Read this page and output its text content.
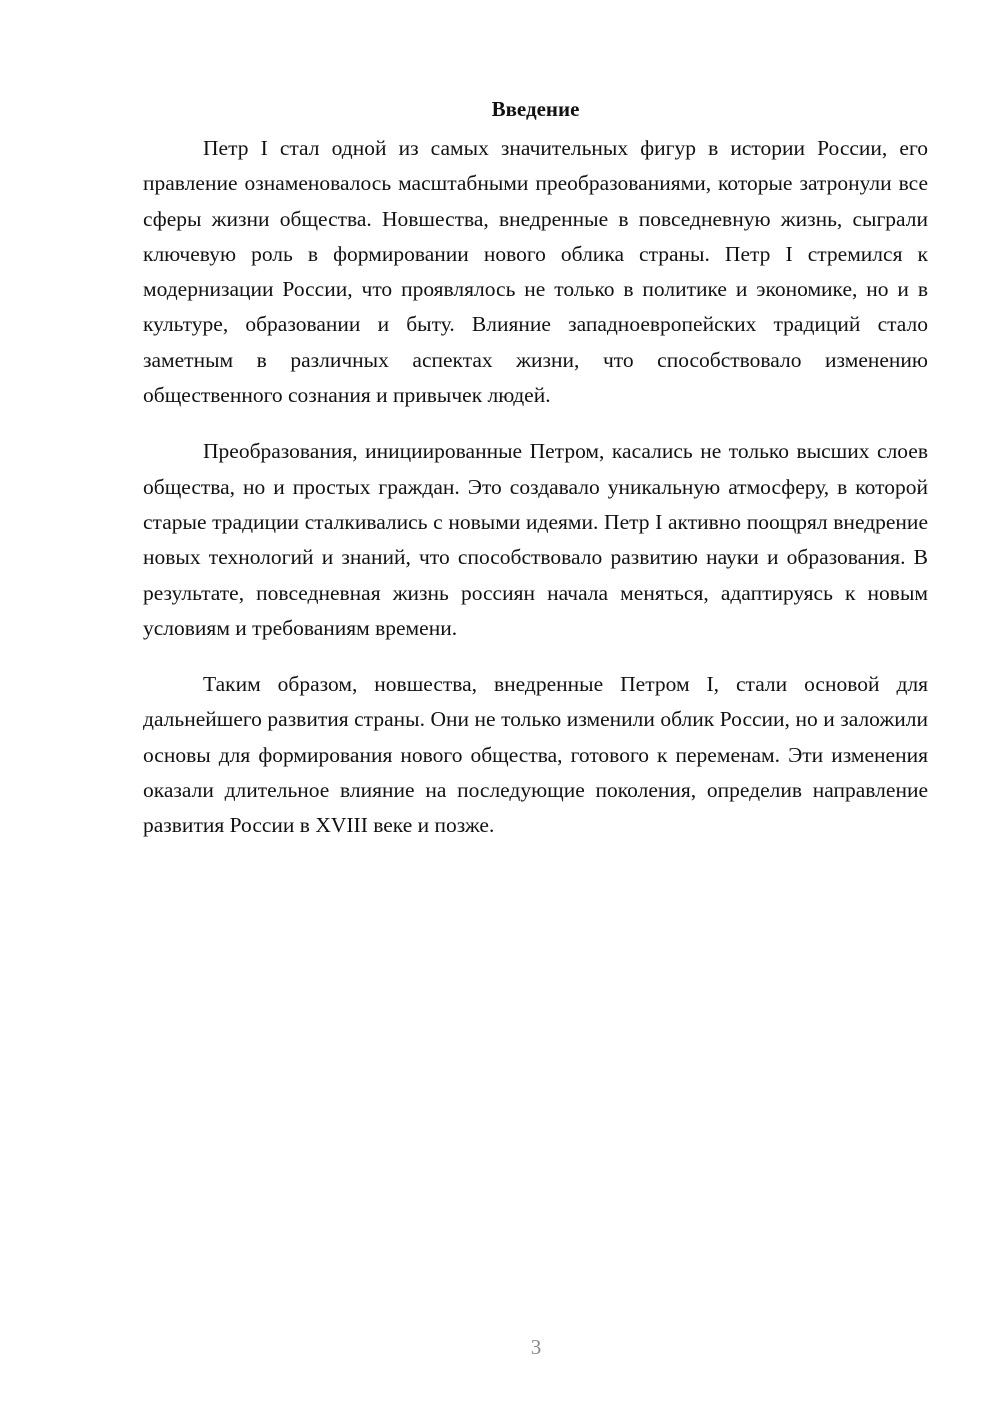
Введение

Петр I стал одной из самых значительных фигур в истории России, его правление ознаменовалось масштабными преобразованиями, которые затронули все сферы жизни общества. Новшества, внедренные в повседневную жизнь, сыграли ключевую роль в формировании нового облика страны. Петр I стремился к модернизации России, что проявлялось не только в политике и экономике, но и в культуре, образовании и быту. Влияние западноевропейских традиций стало заметным в различных аспектах жизни, что способствовало изменению общественного сознания и привычек людей.

Преобразования, инициированные Петром, касались не только высших слоев общества, но и простых граждан. Это создавало уникальную атмосферу, в которой старые традиции сталкивались с новыми идеями. Петр I активно поощрял внедрение новых технологий и знаний, что способствовало развитию науки и образования. В результате, повседневная жизнь россиян начала меняться, адаптируясь к новым условиям и требованиям времени.

Таким образом, новшества, внедренные Петром I, стали основой для дальнейшего развития страны. Они не только изменили облик России, но и заложили основы для формирования нового общества, готового к переменам. Эти изменения оказали длительное влияние на последующие поколения, определив направление развития России в XVIII веке и позже.

3
